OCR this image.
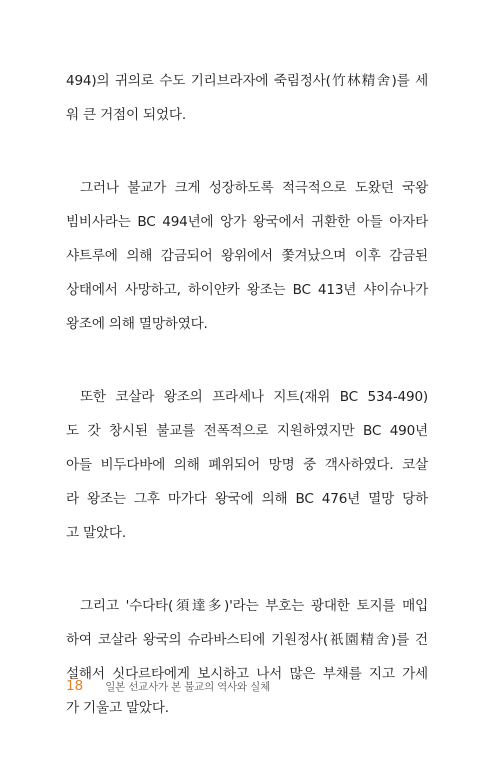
494)의 귀의로 수도 기리브라자에 죽림정사(竹林精舍)를 세
워 큰 거점이 되었다.

그러나 불교가 크게 성장하도록 적극적으로 도왔던 국왕
빔비사라는 BC 494년에 앙가 왕국에서 귀환한 아들 아자타
샤트루에 의해 감금되어 왕위에서 쫓겨났으며 이후 감금된
상태에서 사망하고, 하이얀카 왕조는 BC 413년 샤이슈나가
왕조에 의해 멸망하였다.

또한 코살라 왕조의 프라세나 지트(재위 BC 534-490)
도 갓 창시된 불교를 전폭적으로 지원하였지만 BC 490년
아들 비두다바에 의해 폐위되어 망명 중 객사하였다. 코살
라 왕조는 그후 마가다 왕국에 의해 BC 476년 멸망 당하
고 말았다.

그리고 '수다타(須達多)'라는 부호는 광대한 토지를 매입
하여 코살라 왕국의 슈라바스티에 기원정사(祇園精舍)를 건
설해서 싯다르타에게 보시하고 나서 많은 부채를 지고 가세
가 기울고 말았다.

18 일본 선교사가 본 불교의 역사와 실체
